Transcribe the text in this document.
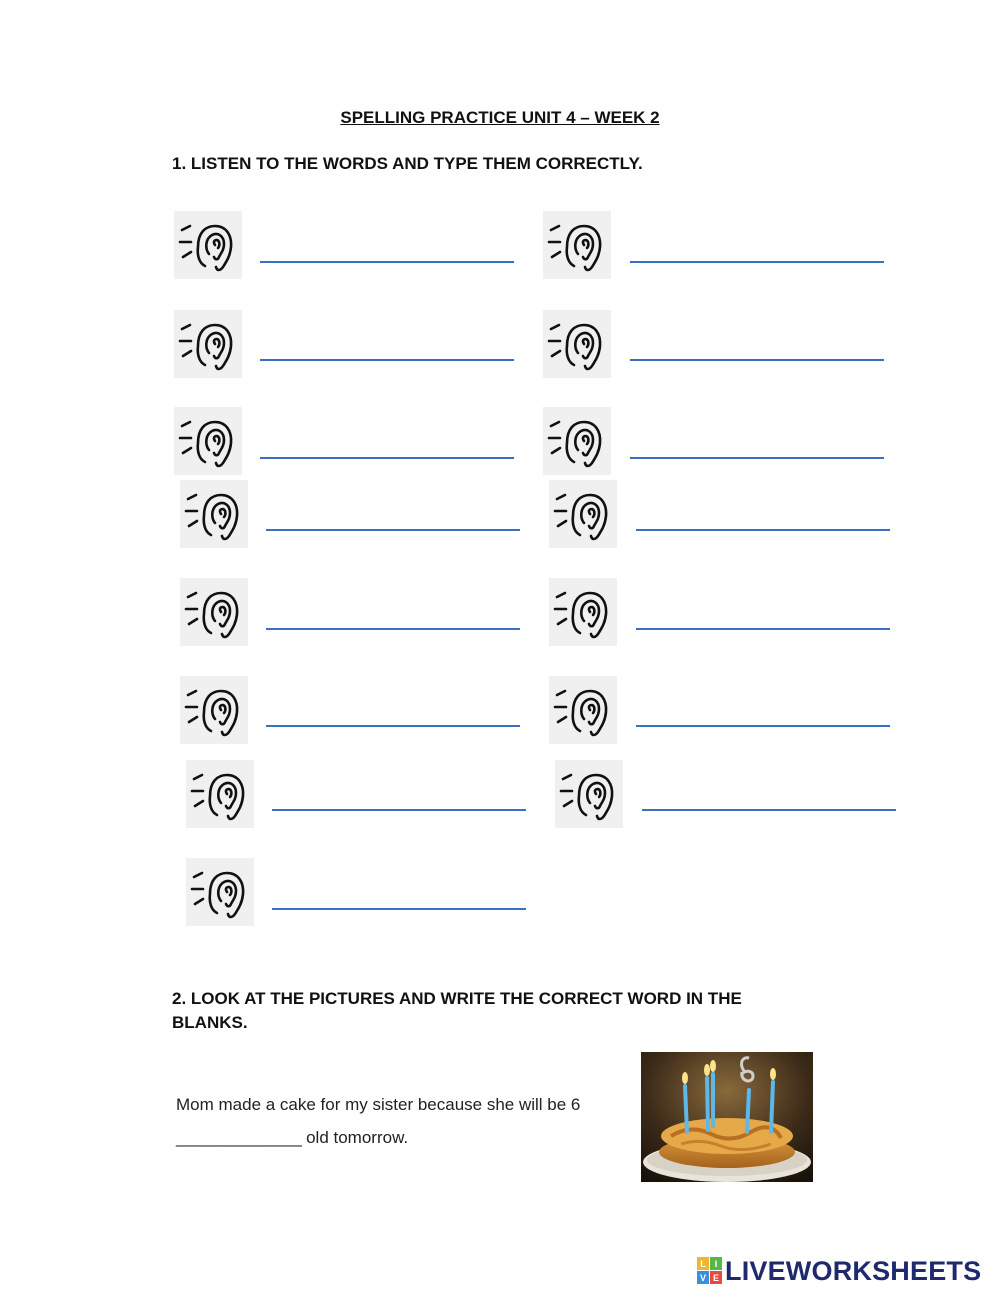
SPELLING PRACTICE UNIT 4 – WEEK 2
1. LISTEN TO THE WORDS AND TYPE THEM CORRECTLY.
2. LOOK AT THE PICTURES AND WRITE THE CORRECT WORD IN THE
BLANKS.
Mom made a cake for my sister because she will be 6
______________ old tomorrow.
L I
V E LIVEWORKSHEETS
